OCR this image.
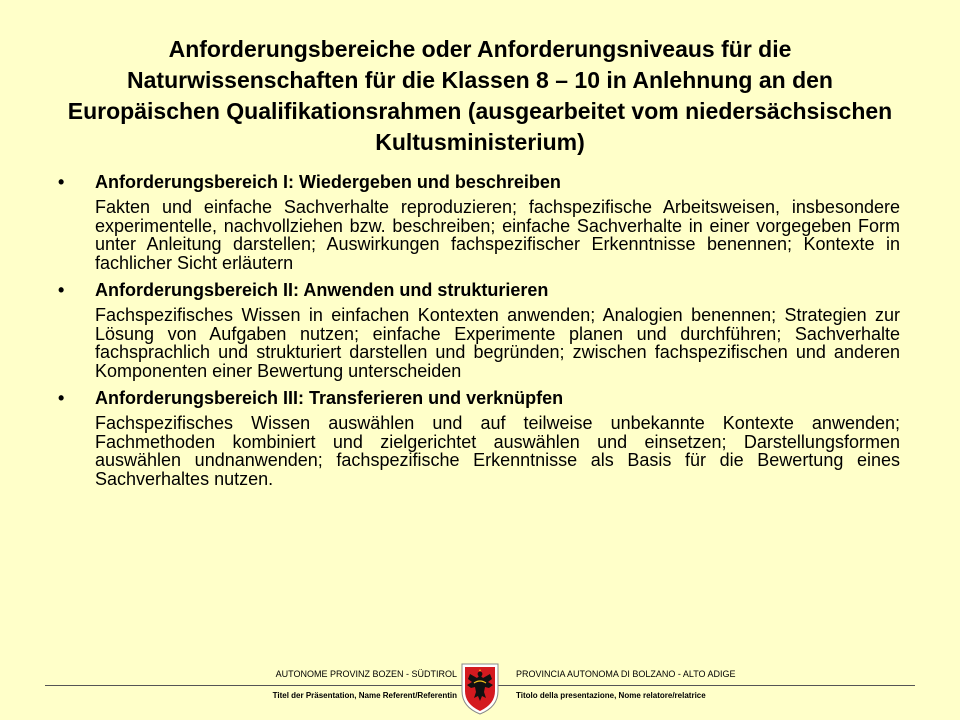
Anforderungsbereiche oder Anforderungsniveaus für die Naturwissenschaften für die Klassen 8 – 10 in Anlehnung an den Europäischen Qualifikationsrahmen (ausgearbeitet vom niedersächsischen Kultusministerium)
• Anforderungsbereich I: Wiedergeben und beschreiben
Fakten und einfache Sachverhalte reproduzieren; fachspezifische Arbeitsweisen, insbesondere experimentelle, nachvollziehen bzw. beschreiben; einfache Sachverhalte in einer vorgegeben Form unter Anleitung darstellen; Auswirkungen fachspezifischer Erkenntnisse benennen; Kontexte in fachlicher Sicht erläutern
• Anforderungsbereich II: Anwenden und strukturieren
Fachspezifisches Wissen in einfachen Kontexten anwenden; Analogien benennen; Strategien zur Lösung von Aufgaben nutzen; einfache Experimente planen und durchführen; Sachverhalte fachsprachlich und strukturiert darstellen und begründen; zwischen fachspezifischen und anderen Komponenten einer Bewertung unterscheiden
• Anforderungsbereich III: Transferieren und verknüpfen
Fachspezifisches Wissen auswählen und auf teilweise unbekannte Kontexte anwenden; Fachmethoden kombiniert und zielgerichtet auswählen und einsetzen; Darstellungsformen auswählen undnanwenden; fachspezifische Erkenntnisse als Basis für die Bewertung eines Sachverhaltes nutzen.
AUTONOME PROVINZ BOZEN - SÜDTIROL	PROVINCIA AUTONOMA DI BOLZANO - ALTO ADIGE
Titel der Präsentation, Name Referent/Referentin	Titolo della presentazione, Nome relatore/relatrice
